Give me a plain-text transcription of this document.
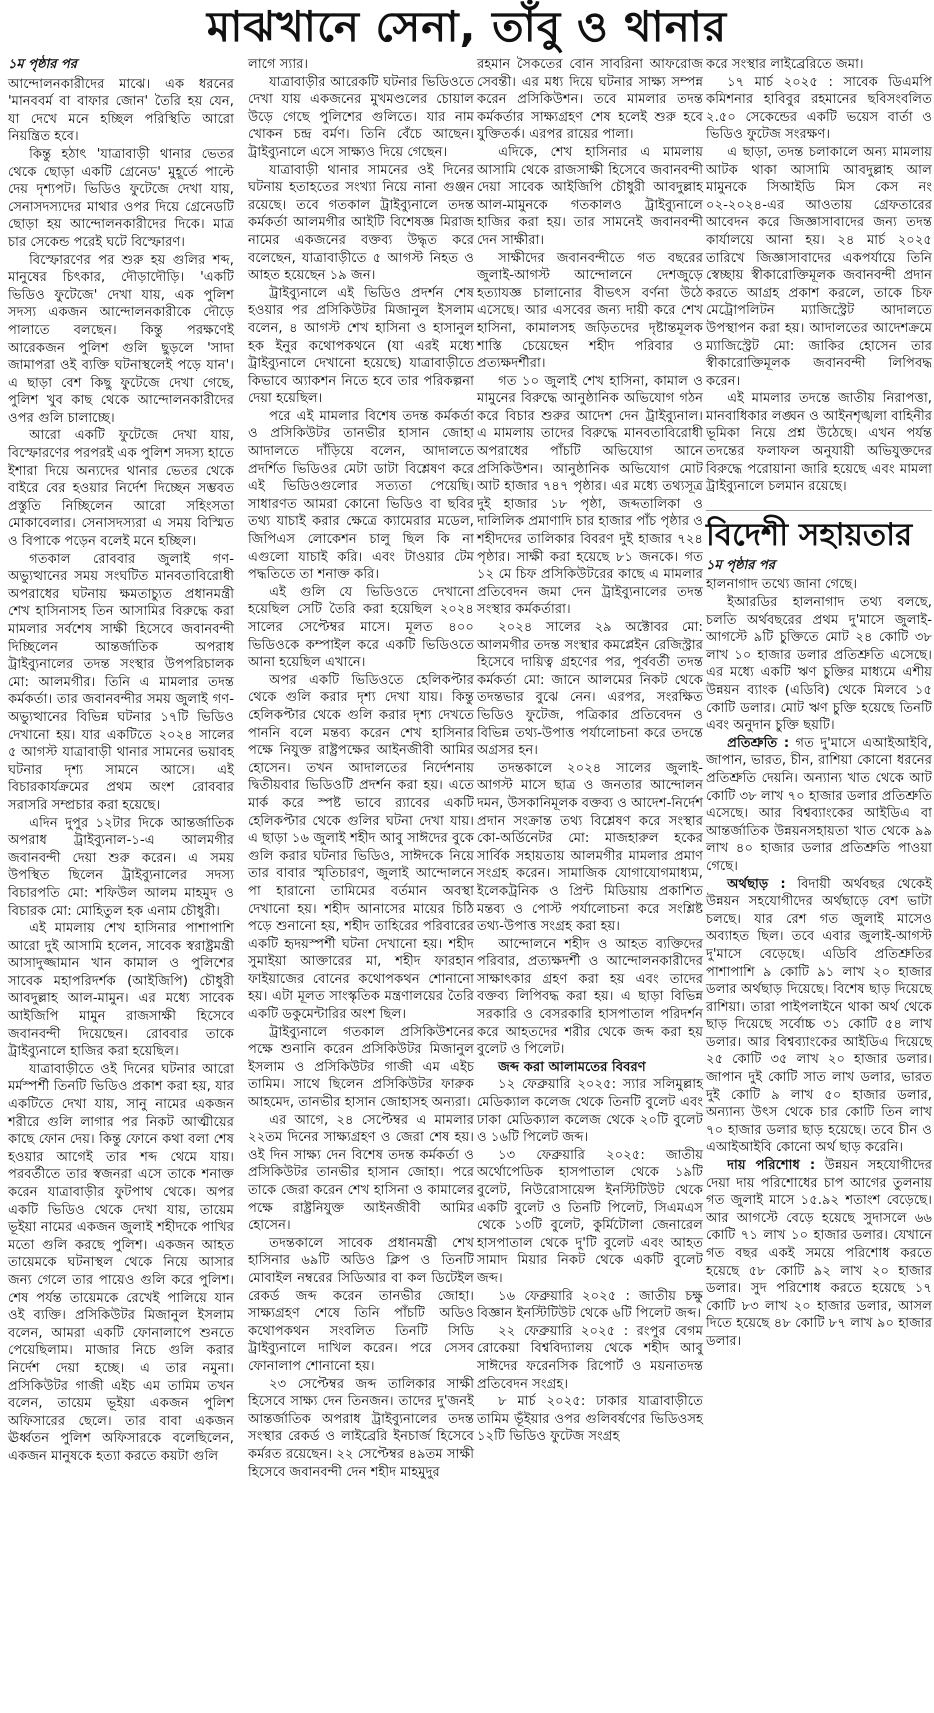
মাঝখানে সেনা, তাঁবু ও থানার
১ম পৃষ্ঠার পর

আন্দোলনকারীদের মাঝে। এক ধরনের 'মানববর্ম বা বাফার জোন' তৈরি হয় যেন, যা দেখে মনে হচ্ছিল পরিস্থিতি আরো নিয়ন্ত্রিত হবে।

কিন্তু হঠাৎ 'যাত্রাবাড়ী থানার ভেতর থেকে ছোড়া একটি গ্রেনেড' মুহূর্তে পাল্টে দেয় দৃশ্যপট। ভিডিও ফুটেজে দেখা যায়, সেনাসদস্যদের মাথার ওপর দিয়ে গ্রেনেডটি ছোড়া হয় আন্দোলনকারীদের দিকে। মাত্র চার সেকেন্ড পরেই ঘটে বিস্ফোরণ।

বিস্ফোরণের পর শুরু হয় গুলির শব্দ, মানুষের চিৎকার, দৌড়াদৌড়ি। 'একটি ভিডিও ফুটেজে' দেখা যায়, এক পুলিশ সদস্য একজন আন্দোলনকারীকে দৌড়ে পালাতে বলছেন। কিন্তু পরক্ষণেই আরেকজন পুলিশ গুলি ছুড়লে 'সাদা জামাপরা ওই ব্যক্তি ঘটনাস্থলেই পড়ে যান'। এ ছাড়া বেশ কিছু ফুটেজে দেখা গেছে, পুলিশ খুব কাছ থেকে আন্দোলনকারীদের ওপর গুলি চালাচ্ছে।

আরো একটি ফুটেজে দেখা যায়, বিস্ফোরণের পরপরই এক পুলিশ সদস্য হাতে ইশারা দিয়ে অন্যদের থানার ভেতর থেকে বাইরে বের হওয়ার নির্দেশ দিচ্ছেন সম্ভবত প্রস্তুতি নিচ্ছিলেন আরো সহিংসতা মোকাবেলার। সেনাসদস্যরা এ সময় বিস্মিত ও বিপাকে পড়েন বলেই মনে হচ্ছিল।

গতকাল রোববার জুলাই গণ-অভ্যুত্থানের সময় সংঘটিত মানবতাবিরোধী অপরাধের ঘটনায় ক্ষমতাচ্যুত প্রধানমন্ত্রী শেখ হাসিনাসহ তিন আসামির বিরুদ্ধে করা মামলার সর্বশেষ সাক্ষী হিসেবে জবানবন্দী দিচ্ছিলেন আন্তর্জাতিক অপরাধ ট্রাইব্যুনালের তদন্ত সংস্থার উপপরিচালক মো: আলমগীর। তিনি এ মামলার তদন্ত কর্মকর্তা। তার জবানবন্দীর সময় জুলাই গণ-অভ্যুত্থানের বিভিন্ন ঘটনার ১৭টি ভিডিও দেখানো হয়। যার একটিতে ২০২৪ সালের ৫ আগস্ট যাত্রাবাড়ী থানার সামনের ভয়াবহ ঘটনার দৃশ্য সামনে আসে। এই বিচারকার্যক্রমের প্রথম অংশ রোববার সরাসরি সম্প্রচার করা হয়েছে।

এদিন দুপুর ১২টার দিকে আন্তর্জাতিক অপরাধ ট্রাইব্যুনাল-১-এ আলমগীর জবানবন্দী দেয়া শুরু করেন। এ সময় উপস্থিত ছিলেন ট্রাইব্যুনালের সদস্য বিচারপতি মো: শফিউল আলম মাহমুদ ও বিচারক মো: মোহিতুল হক এনাম চৌধুরী।

এই মামলায় শেখ হাসিনার পাশাপাশি আরো দুই আসামি হলেন, সাবেক স্বরাষ্ট্রমন্ত্রী আসাদুজ্জামান খান কামাল ও পুলিশের সাবেক মহাপরিদর্শক (আইজিপি) চৌধুরী আবদুল্লাহ আল-মামুন। এর মধ্যে সাবেক আইজিপি মামুন রাজসাক্ষী হিসেবে জবানবন্দী দিয়েছেন। রোববার তাকে ট্রাইব্যুনালে হাজির করা হয়েছিল।

যাত্রাবাড়ীতে ওই দিনের ঘটনার আরো মর্মস্পর্শী তিনটি ভিডিও প্রকাশ করা হয়, যার একটিতে দেখা যায়, সানু নামের একজন শরীরে গুলি লাগার পর নিকট আত্মীয়ের কাছে ফোন দেয়। কিন্তু ফোনে কথা বলা শেষ হওয়ার আগেই তার শব্দ থেমে যায়। পরবর্তীতে তার স্বজনরা এসে তাকে শনাক্ত করেন যাত্রাবাড়ীর ফুটপাথ থেকে। অপর একটি ভিডিও থেকে দেখা যায়, তায়েম ভূইয়া নামের একজন জুলাই শহীদকে পাখির মতো গুলি করছে পুলিশ। একজন আহত তায়েমকে ঘটনাস্থল থেকে নিয়ে আসার জন্য গেলে তার পায়েও গুলি করে পুলিশ। শেষ পর্যন্ত তায়েমকে রেখেই পালিয়ে যান ওই ব্যক্তি। প্রসিকিউটর মিজানুল ইসলাম বলেন, আমরা একটি ফোনালাপে শুনতে পেয়েছিলাম। মাজার নিচে গুলি করার নির্দেশ দেয়া হচ্ছে। এ তার নমুনা। প্রসিকিউটর গাজী এইচ এম তামিম তখন বলেন, তায়েম ভূইয়া একজন পুলিশ অফিসারের ছেলে। তার বাবা একজন ঊর্ধ্বতন পুলিশ অফিসারকে বলেছিলেন, একজন মানুষকে হত্যা করতে কয়টা গুলি

লাগে স্যার।

যাত্রাবাড়ীর আরেকটি ঘটনার ভিডিওতে দেখা যায় একজনের মুখমণ্ডলের চোয়াল উড়ে গেছে পুলিশের গুলিতে। যার নাম খোকন চন্দ্র বর্মণ। তিনি বেঁচে আছেন। ট্রাইব্যুনালে এসে সাক্ষ্যও দিয়ে গেছেন।

যাত্রাবাড়ী থানার সামনের ওই দিনের ঘটনায় হতাহতের সংখ্যা নিয়ে নানা গুঞ্জন রয়েছে। তবে গতকাল ট্রাইব্যুনালে তদন্ত কর্মকর্তা আলমগীর আইটি বিশেষজ্ঞ মিরাজ নামের একজনের বক্তব্য উদ্ধৃত করে বলেছেন, যাত্রাবাড়ীতে ৫ আগস্ট নিহত ও আহত হয়েছেন ১৯ জন।

ট্রাইব্যুনালে এই ভিডিও প্রদর্শন শেষ হওয়ার পর প্রসিকিউটর মিজানুল ইসলাম বলেন, ৪ আগস্ট শেখ হাসিনা ও হাসানুল হক ইনুর কথোপকথনে (যা এরই মধ্যে ট্রাইব্যুনালে দেখানো হয়েছে) যাত্রাবাড়ীতে কিভাবে অ্যাকশন নিতে হবে তার পরিকল্পনা দেয়া হয়েছিল।

পরে এই মামলার বিশেষ তদন্ত কর্মকর্তা ও প্রসিকিউটর তানভীর হাসান জোহা আদালতে দাঁড়িয়ে বলেন, আদালতে প্রদর্শিত ভিডিওর মেটা ডাটা বিশ্লেষণ করে এই ভিডিওগুলোর সত্যতা পেয়েছি। সাধারণত আমরা কোনো ভিডিও বা ছবির তথ্য যাচাই করার ক্ষেত্রে ক্যামেরার মডেল, জিপিএস লোকেশন চালু ছিল কি না এগুলো যাচাই করি। এবং টাওয়ার টেম পদ্ধতিতে তা শনাক্ত করি।

এই গুলি যে ভিডিওতে দেখানো হয়েছিল সেটি তৈরি করা হয়েছিল ২০২৪ সালের সেপ্টেম্বর মাসে। মূলত ৪০০ ভিডিওকে কম্পাইল করে একটি ভিডিওতে আনা হয়েছিল এখানে।

অপর একটি ভিডিওতে হেলিকপ্টার থেকে গুলি করার দৃশ্য দেখা যায়। কিন্তু হেলিকপ্টার থেকে গুলি করার দৃশ্য দেখতে পাননি বলে মন্তব্য করেন শেখ হাসিনার পক্ষে নিযুক্ত রাষ্ট্রপক্ষের আইনজীবী আমির হোসেন। তখন আদালতের নির্দেশনায় দ্বিতীয়বার ভিডিওটি প্রদর্শন করা হয়। এতে মার্ক করে স্পষ্ট ভাবে র‍্যাবের একটি হেলিকপ্টার থেকে গুলির ঘটনা দেখা যায়। এ ছাড়া ১৬ জুলাই শহীদ আবু সাঈদের বুকে গুলি করার ঘটনার ভিডিও, সাঈদকে নিয়ে তার বাবার স্মৃতিচারণ, জুলাই আন্দোলনে পা হারানো তামিমের বর্তমান অবস্থা দেখানো হয়। শহীদ আনাসের মায়ের চিঠি পড়ে শুনানো হয়, শহীদ তাহিরের পরিবারের একটি হৃদয়স্পর্শী ঘটনা দেখানো হয়। শহীদ সুমাইয়া আক্তারের মা, শহীদ ফারহান ফাইয়াজের বোনের কথোপকথন শোনানো হয়। এটা মূলত সাংস্কৃতিক মন্ত্রণালয়ের তৈরি একটি ডকুমেন্টারির অংশ ছিল।

ট্রাইব্যুনালে গতকাল প্রসিকিউশনের পক্ষে শুনানি করেন প্রসিকিউটর মিজানুল ইসলাম ও প্রসিকিউটর গাজী এম এইচ তামিম। সাথে ছিলেন প্রসিকিউটর ফারুক আহমেদ, তানভীর হাসান জোহাসহ অন্যরা।

এর আগে, ২৪ সেপ্টেম্বর এ মামলার ২২তম দিনের সাক্ষ্যগ্রহণ ও জেরা শেষ হয়। ওই দিন সাক্ষ্য দেন বিশেষ তদন্ত কর্মকর্তা ও প্রসিকিউটর তানভীর হাসান জোহা। পরে তাকে জেরা করেন শেখ হাসিনা ও কামালের পক্ষে রাষ্ট্রনিযুক্ত আইনজীবী আমির হোসেন।

তদন্তকালে সাবেক প্রধানমন্ত্রী শেখ হাসিনার ৬৯টি অডিও ক্লিপ ও তিনটি মোবাইল নম্বরের সিডিআর বা কল ডিটেইল রেকর্ড জব্দ করেন তানভীর জোহা। সাক্ষ্যগ্রহণ শেষে তিনি পাঁচটি অডিও কথোপকথন সংবলিত তিনটি সিডি ট্রাইব্যুনালে দাখিল করেন। পরে সেসব ফোনালাপ শোনানো হয়।

২৩ সেপ্টেম্বর জব্দ তালিকার সাক্ষী হিসেবে সাক্ষ্য দেন তিনজন। তাদের দু'জনই আন্তর্জাতিক অপরাধ ট্রাইব্যুনালের তদন্ত সংস্থার রেকর্ড ও লাইব্রেরি ইনচার্জ হিসেবে কর্মরত রয়েছেন। ২২ সেপ্টেম্বর ৪৯তম সাক্ষী হিসেবে জবানবন্দী দেন শহীদ মাহমুদুর

রহমান সৈকতের বোন সাবরিনা আফরোজ সেবন্তী। এর মধ্য দিয়ে ঘটনার সাক্ষ্য সম্পন্ন করেন প্রসিকিউশন। তবে মামলার তদন্ত কর্মকর্তার সাক্ষ্যগ্রহণ শেষ হলেই শুরু হবে যুক্তিতর্ক। এরপর রায়ের পালা।

এদিকে, শেখ হাসিনার এ মামলায় আসামি থেকে রাজসাক্ষী হিসেবে জবানবন্দী দেয়া সাবেক আইজিপি চৌধুরী আবদুল্লাহ আল-মামুনকে গতকালও ট্রাইব্যুনালে হাজির করা হয়। তার সামনেই জবানবন্দী দেন সাক্ষীরা।

সাক্ষীদের জবানবন্দীতে গত বছরের জুলাই-আগস্ট আন্দোলনে দেশজুড়ে হত্যাযজ্ঞ চালানোর বীভৎস বর্ণনা উঠে এসেছে। আর এসবের জন্য দায়ী করে শেখ হাসিনা, কামালসহ জড়িতদের দৃষ্টান্তমূলক শাস্তি চেয়েছেন শহীদ পরিবার ও প্রত্যক্ষদর্শীরা।

গত ১০ জুলাই শেখ হাসিনা, কামাল ও মামুনের বিরুদ্ধে আনুষ্ঠানিক অভিযোগ গঠন করে বিচার শুরুর আদেশ দেন ট্রাইব্যুনাল। এ মামলায় তাদের বিরুদ্ধে মানবতাবিরোধী অপরাধের পাঁচটি অভিযোগ আনে প্রসিকিউশন। আনুষ্ঠানিক অভিযোগ মোট আট হাজার ৭৪৭ পৃষ্ঠার। এর মধ্যে তথ্যসূত্র দুই হাজার ১৮ পৃষ্ঠা, জব্দতালিকা ও দালিলিক প্রমাণাদি চার হাজার পাঁচ পৃষ্ঠার ও শহীদদের তালিকার বিবরণ দুই হাজার ৭২৪ পৃষ্ঠার। সাক্ষী করা হয়েছে ৮১ জনকে। গত ১২ মে চিফ প্রসিকিউটরের কাছে এ মামলার প্রতিবেদন জমা দেন ট্রাইব্যুনালের তদন্ত সংস্থার কর্মকর্তারা।

২০২৪ সালের ২৯ অক্টোবর মো: আলমগীর তদন্ত সংস্থার কমপ্লেইন রেজিস্ট্রার হিসেবে দায়িত্ব গ্রহণের পর, পূর্ববর্তী তদন্ত কর্মকর্তা মো: জানে আলমের নিকট থেকে তদন্তভার বুঝে নেন। এরপর, সংরক্ষিত ভিডিও ফুটেজ, পত্রিকার প্রতিবেদন ও বিভিন্ন তথ্য-উপাত্ত পর্যালোচনা করে তদন্তে অগ্রসর হন।

তদন্তকালে ২০২৪ সালের জুলাই-আগস্ট মাসে ছাত্র ও জনতার আন্দোলন দমন, উসকানিমূলক বক্তব্য ও আদেশ-নির্দেশ প্রদান সংক্রান্ত তথ্য বিশ্লেষণ করে সংস্থার কো-অর্ডিনেটর মো: মাজহারুল হকের সার্বিক সহায়তায় আলমগীর মামলার প্রমাণ সংগ্রহ করেন। সামাজিক যোগাযোগমাধ্যম, ইলেকট্রনিক ও প্রিন্ট মিডিয়ায় প্রকাশিত মন্তব্য ও পোস্ট পর্যালোচনা করে সংশ্লিষ্ট তথ্য-উপাত্ত সংগ্রহ করা হয়।

আন্দোলনে শহীদ ও আহত ব্যক্তিদের পরিবার, প্রত্যক্ষদর্শী ও আন্দোলনকারীদের সাক্ষাৎকার গ্রহণ করা হয় এবং তাদের বক্তব্য লিপিবদ্ধ করা হয়। এ ছাড়া বিভিন্ন সরকারি ও বেসরকারি হাসপাতাল পরিদর্শন করে আহতদের শরীর থেকে জব্দ করা হয় বুলেট ও পিলেট।

জব্দ করা আলামতের বিবরণ

১২ ফেব্রুয়ারি ২০২৫: স্যার সলিমুল্লাহ মেডিক্যাল কলেজ থেকে তিনটি বুলেট এবং ঢাকা মেডিক্যাল কলেজ থেকে ২০টি বুলেট ও ১৬টি পিলেট জব্দ।

১৩ ফেব্রুয়ারি ২০২৫: জাতীয় অর্থোপেডিক হাসপাতাল থেকে ১৯টি বুলেট, নিউরোসায়েন্স ইনস্টিটিউট থেকে একটি বুলেট ও তিনটি পিলেট, সিএমএস থেকে ১৩টি বুলেট, কুর্মিটোলা জেনারেল হাসপাতাল থেকে দু'টি বুলেট এবং আহত সামাদ মিয়ার নিকট থেকে একটি বুলেট জব্দ।

১৬ ফেব্রুয়ারি ২০২৫ : জাতীয় চক্ষু বিজ্ঞান ইনস্টিটিউট থেকে ৬টি পিলেট জব্দ।

২২ ফেব্রুয়ারি ২০২৫ : রংপুর বেগম রোকেয়া বিশ্ববিদ্যালয় থেকে শহীদ আবু সাঈদের ফরেনসিক রিপোর্ট ও ময়নাতদন্ত প্রতিবেদন সংগ্রহ।

৮ মার্চ ২০২৫: ঢাকার যাত্রাবাড়ীতে তামিম ভূঁইয়ার ওপর গুলিবর্ষণের ভিডিওসহ ১২টি ভিডিও ফুটেজ সংগ্রহ

করে সংস্থার লাইব্রেরিতে জমা।

১৭ মার্চ ২০২৫ : সাবেক ডিএমপি কমিশনার হাবিবুর রহমানের ছবিসংবলিত ২.৫০ সেকেন্ডের একটি ভয়েস বার্তা ও ভিডিও ফুটেজ সংরক্ষণ।

এ ছাড়া, তদন্ত চলাকালে অন্য মামলায় আটক থাকা আসামি আবদুল্লাহ আল মামুনকে সিআইডি মিস কেস নং ০২-২০২৪-এর আওতায় গ্রেফতারের আবেদন করে জিজ্ঞাসাবাদের জন্য তদন্ত কার্যালয়ে আনা হয়। ২৪ মার্চ ২০২৫ তারিখে জিজ্ঞাসাবাদের একপর্যায়ে তিনি স্বেচ্ছায় স্বীকারোক্তিমূলক জবানবন্দী প্রদান করতে আগ্রহ প্রকাশ করলে, তাকে চিফ মেট্রোপলিটন ম্যাজিস্ট্রেট আদালতে উপস্থাপন করা হয়। আদালতের আদেশক্রমে ম্যাজিস্ট্রেট মো: জাকির হোসেন তার স্বীকারোক্তিমূলক জবানবন্দী লিপিবদ্ধ করেন।

এই মামলার তদন্তে জাতীয় নিরাপত্তা, মানবাধিকার লঙ্ঘন ও আইনশৃঙ্খলা বাহিনীর ভূমিকা নিয়ে প্রশ্ন উঠেছে। এখন পর্যন্ত তদন্তের ফলাফল অনুযায়ী অভিযুক্তদের বিরুদ্ধে পরোয়ানা জারি হয়েছে এবং মামলা ট্রাইব্যুনালে চলমান রয়েছে।

বিদেশী সহায়তার
১ম পৃষ্ঠার পর

হালনাগাদ তথ্যে জানা গেছে।

ইআরডির হালনাগাদ তথ্য বলছে, চলতি অর্থবছরের প্রথম দু'মাসে জুলাই-আগস্টে ৯টি চুক্তিতে মোট ২৪ কোটি ৩৮ লাখ ১০ হাজার ডলার প্রতিশ্রুতি এসেছে। এর মধ্যে একটি ঋণ চুক্তির মাধ্যমে এশীয় উন্নয়ন ব্যাংক (এডিবি) থেকে মিলবে ১৫ কোটি ডলার। মোট ঋণ চুক্তি হয়েছে তিনটি এবং অনুদান চুক্তি ছয়টি।

প্রতিশ্রুতি : গত দু'মাসে এআইআইবি, জাপান, ভারত, চীন, রাশিয়া কোনো ধরনের প্রতিশ্রুতি দেয়নি। অন্যান্য খাত থেকে আট কোটি ৩৮ লাখ ৭০ হাজার ডলার প্রতিশ্রুতি এসেছে। আর বিশ্বব্যাংকের আইডিএ বা আন্তর্জাতিক উন্নয়নসহায়তা খাত থেকে ৯৯ লাখ ৪০ হাজার ডলার প্রতিশ্রুতি পাওয়া গেছে।

অর্থছাড় : বিদায়ী অর্থবছর থেকেই উন্নয়ন সহযোগীদের অর্থছাড়ে বেশ ভাটা চলছে। যার রেশ গত জুলাই মাসেও অব্যাহত ছিল। তবে এবার জুলাই-আগস্ট দু'মাসে বেড়েছে। এডিবি প্রতিশ্রুতির পাশাপাশি ৯ কোটি ৯১ লাখ ২০ হাজার ডলার অর্থছাড় দিয়েছে। বিশেষ ছাড় দিয়েছে রাশিয়া। তারা পাইপলাইনে থাকা অর্থ থেকে ছাড় দিয়েছে সর্বোচ্চ ৩১ কোটি ৫৪ লাখ ডলার। আর বিশ্বব্যাংকের আইডিএ দিয়েছে ২৫ কোটি ৩৫ লাখ ২০ হাজার ডলার। জাপান দুই কোটি সাত লাখ ডলার, ভারত দুই কোটি ৯ লাখ ৫০ হাজার ডলার, অন্যান্য উৎস থেকে চার কোটি তিন লাখ ৭০ হাজার ডলার ছাড় হয়েছে। তবে চীন ও এআইআইবি কোনো অর্থ ছাড় করেনি।

দায় পরিশোধ : উন্নয়ন সহযোগীদের দেয়া দায় পরিশোধের চাপ আগের তুলনায় গত জুলাই মাসে ১৫.৯২ শতাংশ বেড়েছে। আর আগস্টে বেড়ে হয়েছে সুদাসলে ৬৬ কোটি ৭১ লাখ ১০ হাজার ডলার। যেখানে গত বছর একই সময়ে পরিশোধ করতে হয়েছে ৫৮ কোটি ৯২ লাখ ২০ হাজার ডলার। সুদ পরিশোধ করতে হয়েছে ১৭ কোটি ৮৩ লাখ ২০ হাজার ডলার, আসল দিতে হয়েছে ৪৮ কোটি ৮৭ লাখ ৯০ হাজার ডলার।
